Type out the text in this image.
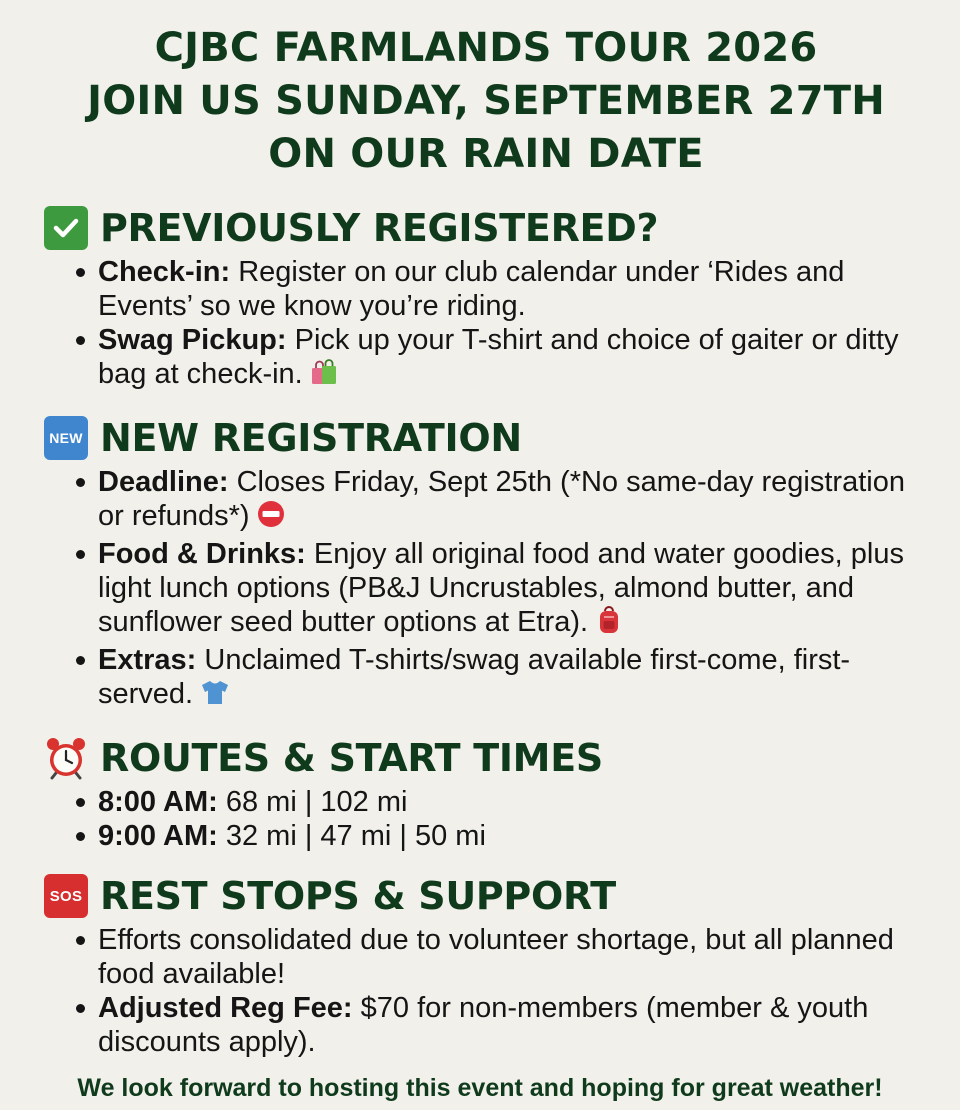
CJBC FARMLANDS TOUR 2026
JOIN US SUNDAY, SEPTEMBER 27TH
ON OUR RAIN DATE
PREVIOUSLY REGISTERED?
Check-in: Register on our club calendar under ‘Rides and Events’ so we know you’re riding.
Swag Pickup: Pick up your T-shirt and choice of gaiter or ditty bag at check-in.
NEW NEW REGISTRATION
Deadline: Closes Friday, Sept 25th (*No same-day registration or refunds*)
Food & Drinks: Enjoy all original food and water goodies, plus light lunch options (PB&J Uncrustables, almond butter, and sunflower seed butter options at Etra).
Extras: Unclaimed T-shirts/swag available first-come, first-served.
ROUTES & START TIMES
8:00 AM: 68 mi | 102 mi
9:00 AM: 32 mi | 47 mi | 50 mi
SOS REST STOPS & SUPPORT
Efforts consolidated due to volunteer shortage, but all planned food available!
Adjusted Reg Fee: $70 for non-members (member & youth discounts apply).
We look forward to hosting this event and hoping for great weather!
